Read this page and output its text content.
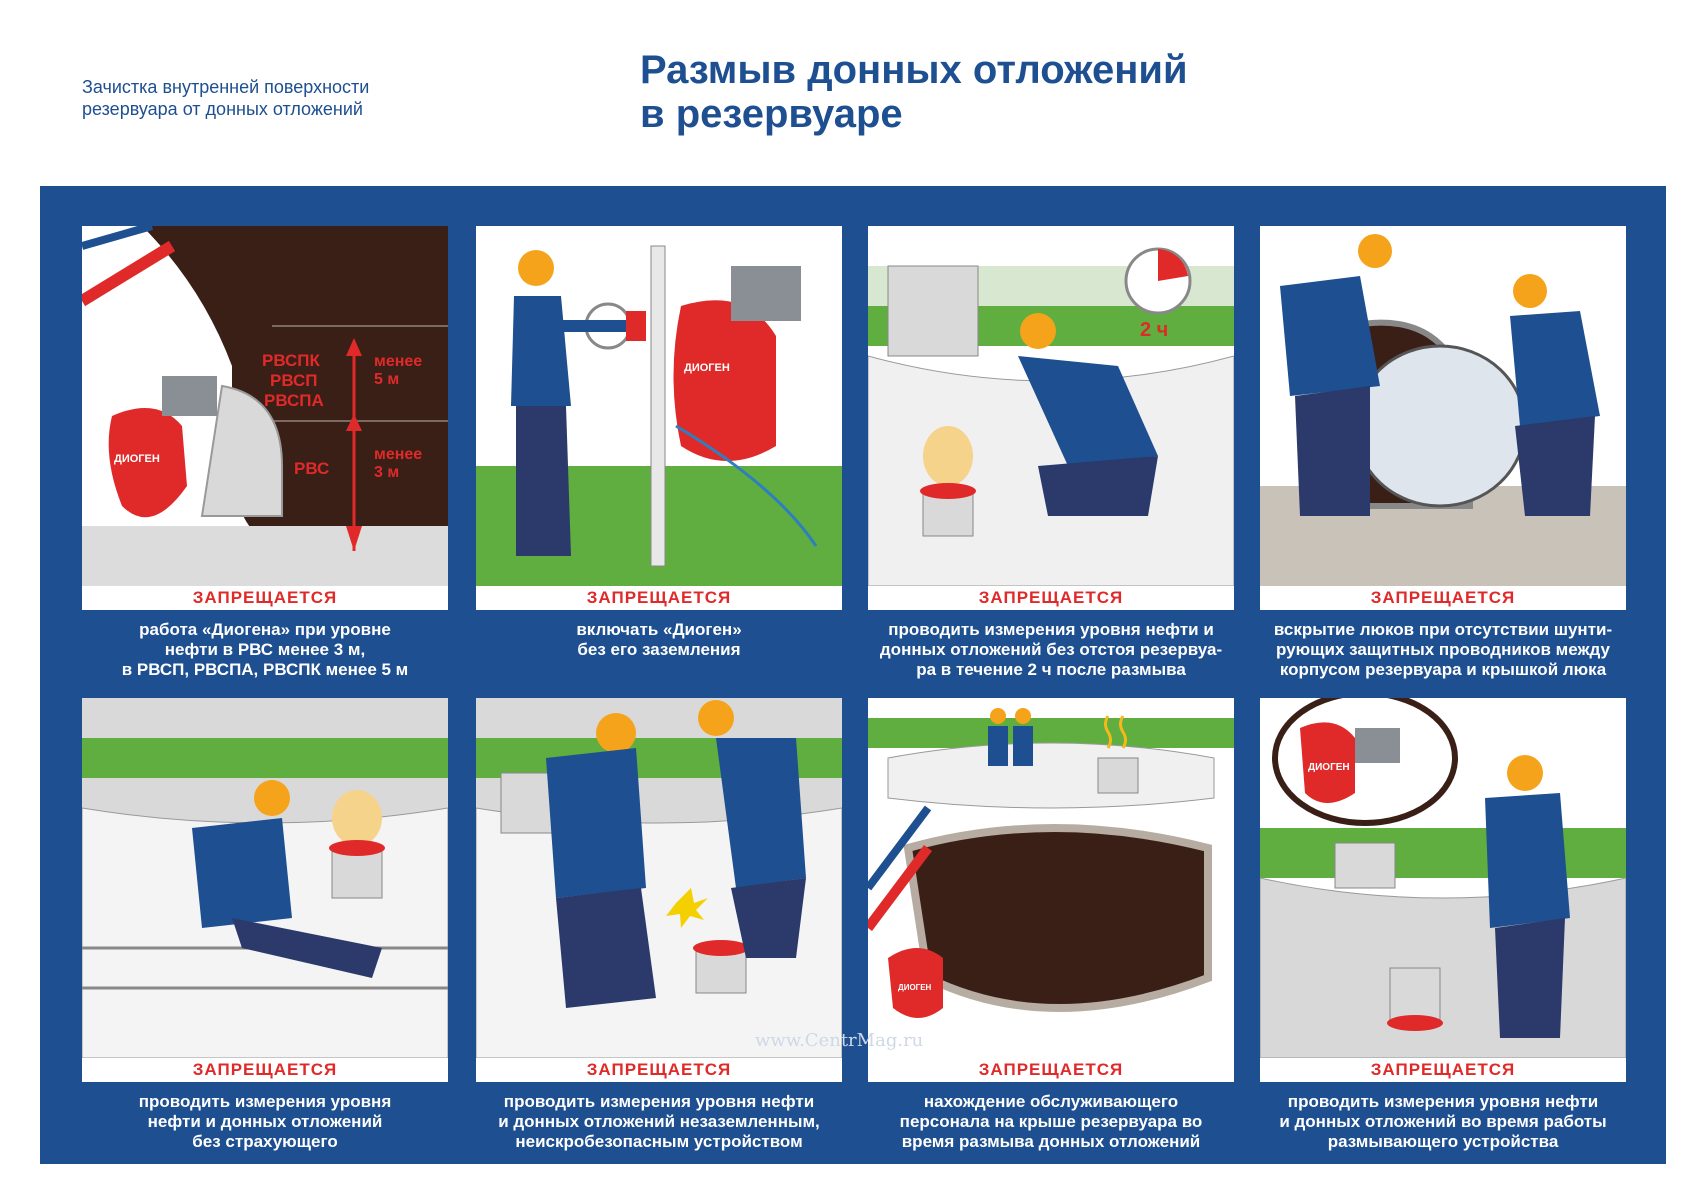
Зачистка внутренней поверхности
резервуара от донных отложений
Размыв донных отложений
в резервуаре
ДИОГЕН
РВСПК
РВСП
РВСПА
РВС
менее
5 м
менее
3 м
ЗАПРЕЩАЕТСЯ
работа «Диогена» при уровне
нефти в РВС менее 3 м,
в РВСП, РВСПА, РВСПК менее 5 м
ДИОГЕН
ЗАПРЕЩАЕТСЯ
включать «Диоген»
без его заземления
2 ч
ЗАПРЕЩАЕТСЯ
проводить измерения уровня нефти и
донных отложений без отстоя резервуа-
ра в течение 2 ч после размыва
ЗАПРЕЩАЕТСЯ
вскрытие люков при отсутствии шунти-
рующих защитных проводников между
корпусом резервуара и крышкой люка
ЗАПРЕЩАЕТСЯ
проводить измерения уровня
нефти и донных отложений
без страхующего
ЗАПРЕЩАЕТСЯ
проводить измерения уровня нефти
и донных отложений незаземленным,
неискробезопасным устройством
ДИОГЕН
ЗАПРЕЩАЕТСЯ
нахождение обслуживающего
персонала на крыше резервуара во
время размыва донных отложений
ДИОГЕН
ЗАПРЕЩАЕТСЯ
проводить измерения уровня нефти
и донных отложений во время работы
размывающего устройства
www.CentrMag.ru
